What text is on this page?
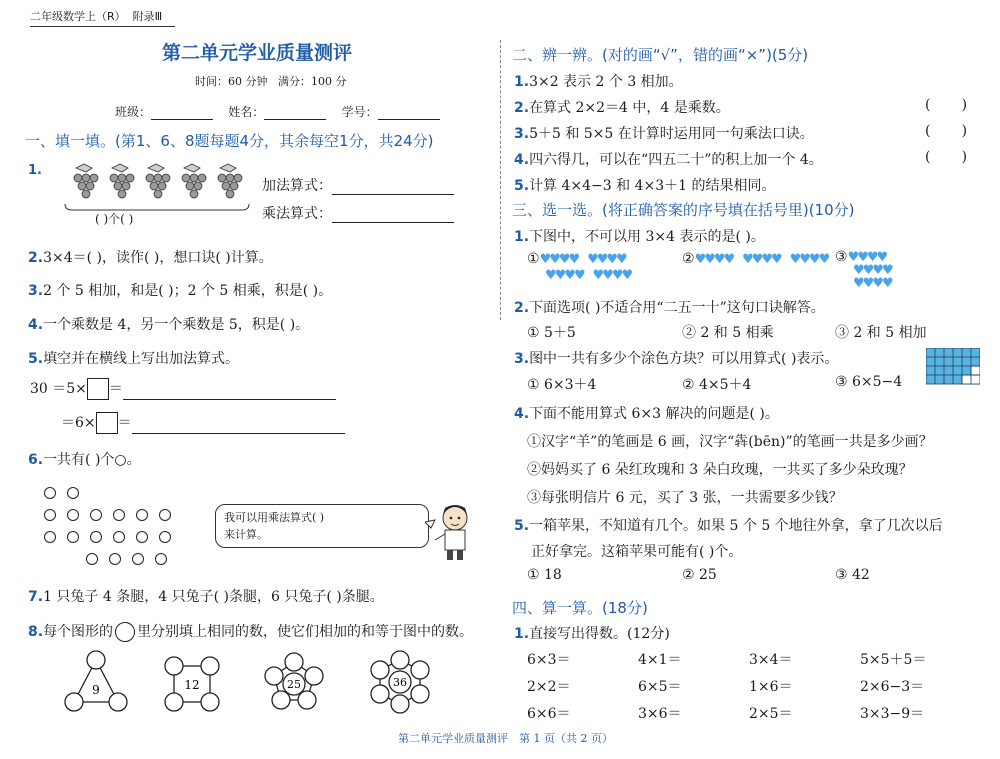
二年级数学上（R） 附录Ⅲ
第二单元学业质量测评
时间：60 分钟 满分：100 分
班级：	姓名：	学号：
一、填一填。(第1、6、8题每题4分，其余每空1分，共24分)
1.
( )个( )
加法算式：
乘法算式：
2.3×4＝( )，读作( )，想口诀( )计算。
3.2 个 5 相加，和是( )；2 个 5 相乘，积是( )。
4.一个乘数是 4，另一个乘数是 5，积是( )。
5.填空并在横线上写出加法算式。
30 ＝5× ＝
＝6× ＝
6.一共有( )个○。
我可以用乘法算式( )
来计算。
7.1 只兔子 4 条腿，4 只兔子( )条腿，6 只兔子( )条腿。
8.每个图形的 里分别填上相同的数，使它们相加的和等于图中的数。
9	12	25	36
二、辨一辨。(对的画“√”，错的画“×”)(5分)
1.3×2 表示 2 个 3 相加。
2.在算式 2×2＝4 中，4 是乘数。
3.5＋5 和 5×5 在计算时运用同一句乘法口诀。
4.四六得几，可以在“四五二十”的积上加一个 4。
5.计算 4×4−3 和 4×3＋1 的结果相同。
(       )
(       )
(       )
三、选一选。(将正确答案的序号填在括号里)(10分)
1.下图中，不可以用 3×4 表示的是( )。
①♥♥♥♥ ♥♥♥♥
♥♥♥♥ ♥♥♥♥
②♥♥♥♥ ♥♥♥♥ ♥♥♥♥ ③♥♥♥♥
♥♥♥♥
♥♥♥♥
2.下面选项( )不适合用“二五一十”这句口诀解答。
① 5＋5	② 2 和 5 相乘	③ 2 和 5 相加
3.图中一共有多少个涂色方块？可以用算式( )表示。
① 6×3＋4	② 4×5＋4	③ 6×5−4
4.下面不能用算式 6×3 解决的问题是( )。
①汉字“羊”的笔画是 6 画，汉字“犇(bēn)”的笔画一共是多少画？
②妈妈买了 6 朵红玫瑰和 3 朵白玫瑰，一共买了多少朵玫瑰？
③每张明信片 6 元，买了 3 张，一共需要多少钱？
5.一箱苹果，不知道有几个。如果 5 个 5 个地往外拿，拿了几次以后
正好拿完。这箱苹果可能有( )个。
① 18	② 25	③ 42
四、算一算。(18分)
1.直接写出得数。(12分)
6×3＝	4×1＝	3×4＝	5×5＋5＝
2×2＝	6×5＝	1×6＝	2×6−3＝
6×6＝	3×6＝	2×5＝	3×3−9＝
第二单元学业质量测评　第 1 页（共 2 页）
